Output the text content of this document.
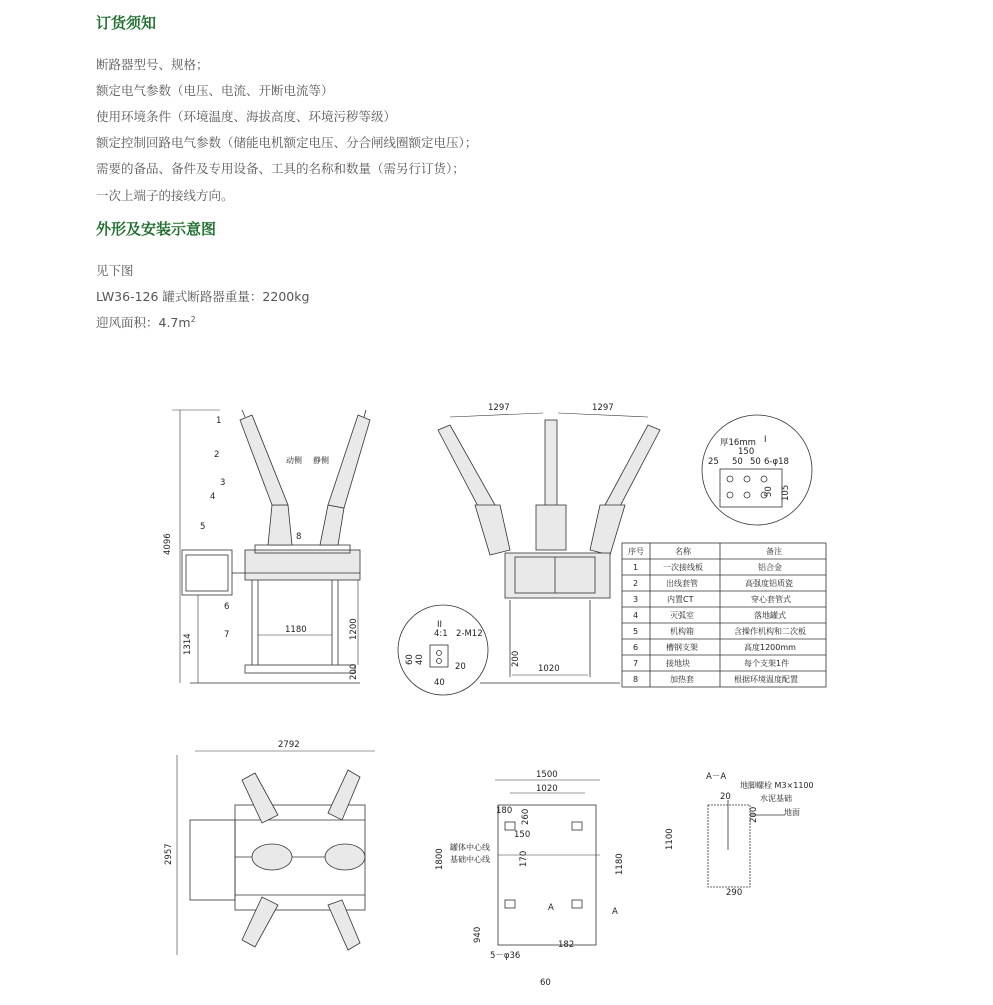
订货须知

断路器型号、规格；

额定电气参数（电压、电流、开断电流等）

使用环境条件（环境温度、海拔高度、环境污秽等级）

额定控制回路电气参数（储能电机额定电压、分合闸线圈额定电压）；

需要的备品、备件及专用设备、工具的名称和数量（需另行订货）；

一次上端子的接线方向。

外形及安装示意图

见下图

LW36-126 罐式断路器重量：2200kg

迎风面积：$4.7m^2$

4096
1314
1180	1200
200
1
2
3
4
5
6
7
8
动侧 静侧
1297	1297
1020
200
厚16mm I
150
25 50 50 6-φ18
50 105
II
4:1 2-M12
60 40
20
40
序号	名称	备注
1	一次接线板	铝合金
2	出线套管	高强度铝质瓷
3	内置CT	穿心套管式
4	灭弧室	落地罐式
5	机构箱	含操作机构和二次板
6	槽钢支架	高度1200mm
7	接地块	每个支架1件
8	加热套	根据环境温度配置
2792
2957
1500
1020
180 260
150
170	1180
1800
940
182
60
5－φ36
罐体中心线
基础中心线
A	A
A－A
地脚螺栓 M3×1100
20	水泥基础
200	地面
1100
290
